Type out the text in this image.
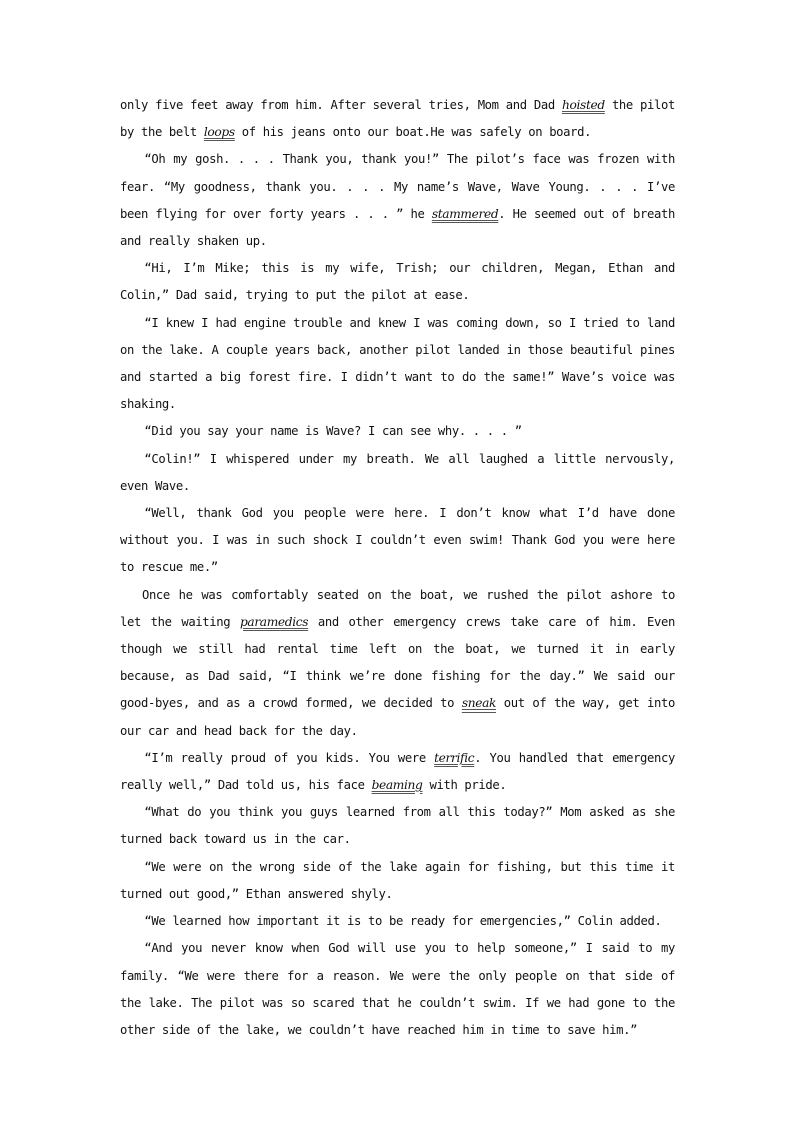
only five feet away from him. After several tries, Mom and Dad hoisted the pilot by the belt loops of his jeans onto our boat.He was safely on board.

“Oh my gosh. . . . Thank you, thank you!” The pilot’s face was frozen with fear. “My goodness, thank you. . . . My name’s Wave, Wave Young. . . . I’ve been flying for over forty years . . . ” he stammered. He seemed out of breath and really shaken up.

“Hi, I’m Mike; this is my wife, Trish; our children, Megan, Ethan and Colin,” Dad said, trying to put the pilot at ease.

“I knew I had engine trouble and knew I was coming down, so I tried to land on the lake. A couple years back, another pilot landed in those beautiful pines and started a big forest fire. I didn’t want to do the same!” Wave’s voice was shaking.

“Did you say your name is Wave? I can see why. . . . ”

“Colin!” I whispered under my breath. We all laughed a little nervously, even Wave.

“Well, thank God you people were here. I don’t know what I’d have done without you. I was in such shock I couldn’t even swim! Thank God you were here to rescue me.”

Once he was comfortably seated on the boat, we rushed the pilot ashore to let the waiting paramedics and other emergency crews take care of him. Even though we still had rental time left on the boat, we turned it in early because, as Dad said, “I think we’re done fishing for the day.” We said our good-byes, and as a crowd formed, we decided to sneak out of the way, get into our car and head back for the day.

“I’m really proud of you kids. You were terrific. You handled that emergency really well,” Dad told us, his face beaming with pride.

“What do you think you guys learned from all this today?” Mom asked as she turned back toward us in the car.

“We were on the wrong side of the lake again for fishing, but this time it turned out good,” Ethan answered shyly.

“We learned how important it is to be ready for emergencies,” Colin added.

“And you never know when God will use you to help someone,” I said to my family. “We were there for a reason. We were the only people on that side of the lake. The pilot was so scared that he couldn’t swim. If we had gone to the other side of the lake, we couldn’t have reached him in time to save him.”
